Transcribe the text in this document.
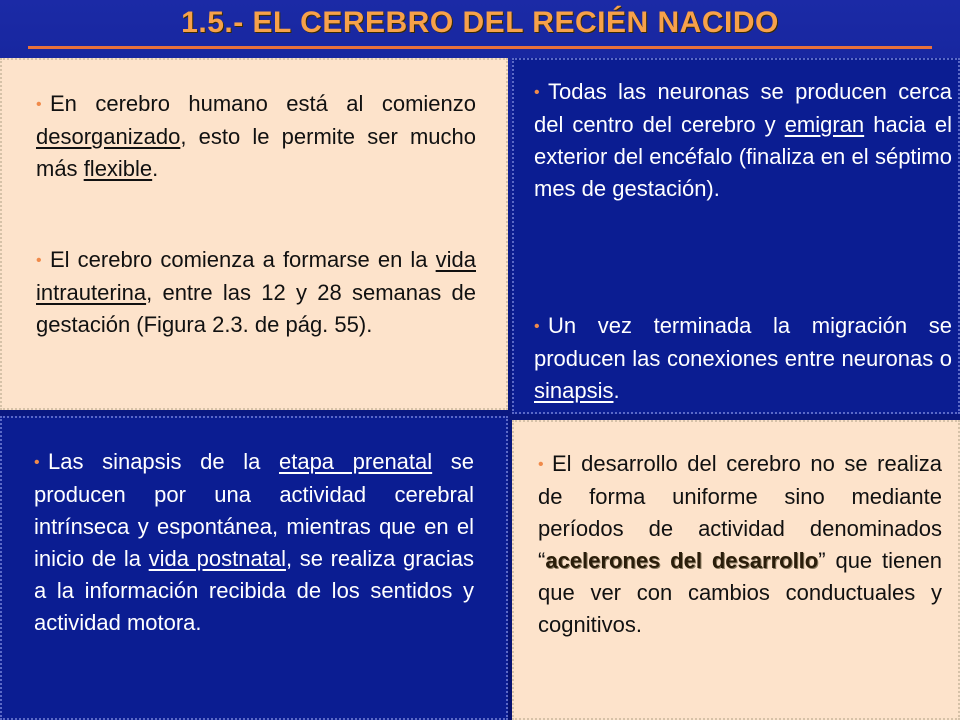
1.5.- EL CEREBRO DEL RECIÉN NACIDO

• En cerebro humano está al comienzo desorganizado, esto le permite ser mucho más flexible.

• El cerebro comienza a formarse en la vida intrauterina, entre las 12 y 28 semanas de gestación (Figura 2.3. de pág. 55).

• Todas las neuronas se producen cerca del centro del cerebro y emigran hacia el exterior del encéfalo (finaliza en el séptimo mes de gestación).

• Un vez terminada la migración se producen las conexiones entre neuronas o sinapsis.

• Las sinapsis de la etapa prenatal se producen por una actividad cerebral intrínseca y espontánea, mientras que en el inicio de la vida postnatal, se realiza gracias a la información recibida de los sentidos y actividad motora.

• El desarrollo del cerebro no se realiza de forma uniforme sino mediante períodos de actividad denominados “acelerones del desarrollo” que tienen que ver con cambios conductuales y cognitivos.
